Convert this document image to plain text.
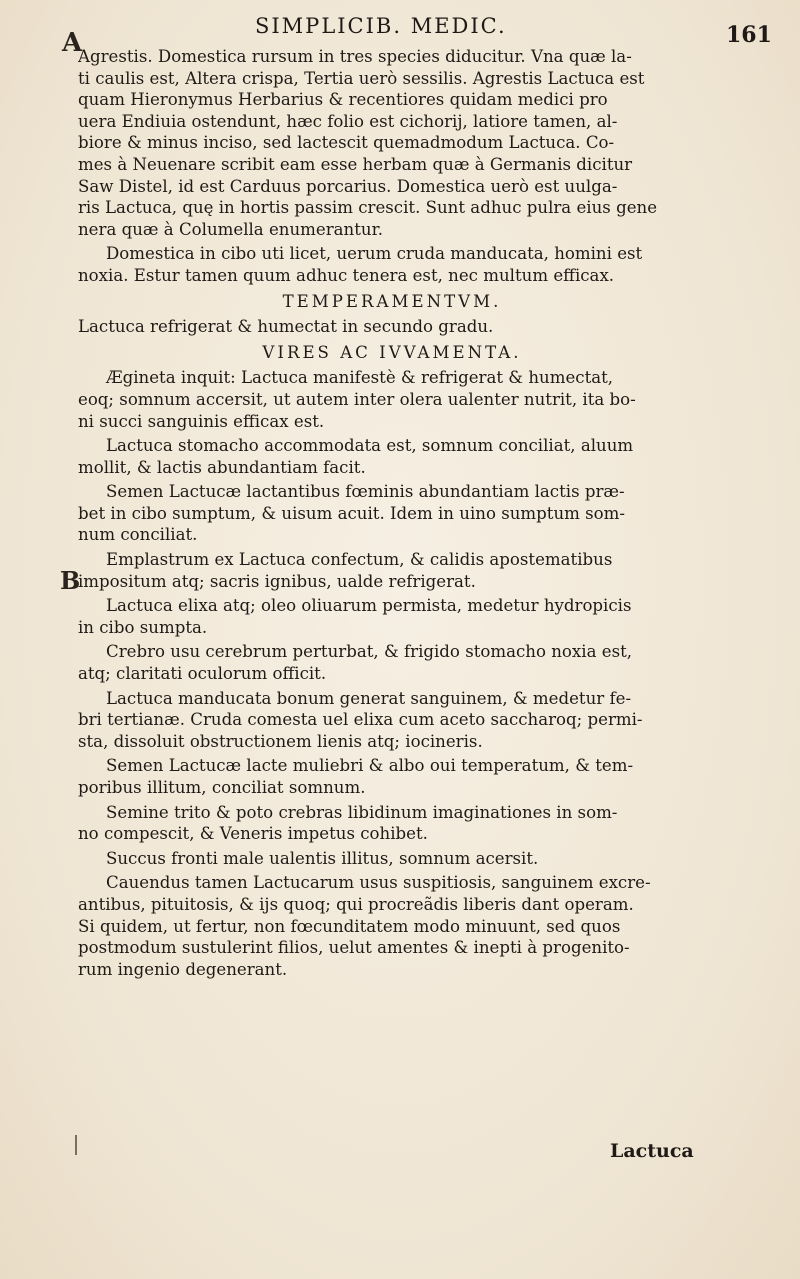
A
SIMPLICIB. MEDIC.	161
B
Agrestis. Domestica rursum in tres species diducitur. Vna quæ la-
ti caulis est, Altera crispa, Tertia uerò sessilis. Agrestis Lactuca est
quam Hieronymus Herbarius & recentiores quidam medici pro
uera Endiuia ostendunt, hæc folio est cichorij, latiore tamen, al-
biore & minus inciso, sed lactescit quemadmodum Lactuca. Co-
mes à Neuenare scribit eam esse herbam quæ à Germanis dicitur
Saw Distel, id est Carduus porcarius. Domestica uerò est uulga-
ris Lactuca, quę in hortis passim crescit. Sunt adhuc pulra eius gene
nera quæ à Columella enumerantur.
Domestica in cibo uti licet, uerum cruda manducata, homini est
noxia. Estur tamen quum adhuc tenera est, nec multum efficax.
TEMPERAMENTVM.
Lactuca refrigerat & humectat in secundo gradu.
VIRES AC IVVAMENTA.
Ægineta inquit: Lactuca manifestè & refrigerat & humectat,
eoq; somnum accersit, ut autem inter olera ualenter nutrit, ita bo-
ni succi sanguinis efficax est.
Lactuca stomacho accommodata est, somnum conciliat, aluum
mollit, & lactis abundantiam facit.
Semen Lactucæ lactantibus fœminis abundantiam lactis præ-
bet in cibo sumptum, & uisum acuit. Idem in uino sumptum som-
num conciliat.
Emplastrum ex Lactuca confectum, & calidis apostematibus
impositum atq; sacris ignibus, ualde refrigerat.
Lactuca elixa atq; oleo oliuarum permista, medetur hydropicis
in cibo sumpta.
Crebro usu cerebrum perturbat, & frigido stomacho noxia est,
atq; claritati oculorum officit.
Lactuca manducata bonum generat sanguinem, & medetur fe-
bri tertianæ. Cruda comesta uel elixa cum aceto saccharoq; permi-
sta, dissoluit obstructionem lienis atq; iocineris.
Semen Lactucæ lacte muliebri & albo oui temperatum, & tem-
poribus illitum, conciliat somnum.
Semine trito & poto crebras libidinum imaginationes in som-
no compescit, & Veneris impetus cohibet.
Succus fronti male ualentis illitus, somnum acersit.
Cauendus tamen Lactucarum usus suspitiosis, sanguinem excre-
antibus, pituitosis, & ijs quoq; qui procreãdis liberis dant operam.
Si quidem, ut fertur, non fœcunditatem modo minuunt, sed quos
postmodum sustulerint filios, uelut amentes & inepti à progenito-
rum ingenio degenerant.
Lactuca
